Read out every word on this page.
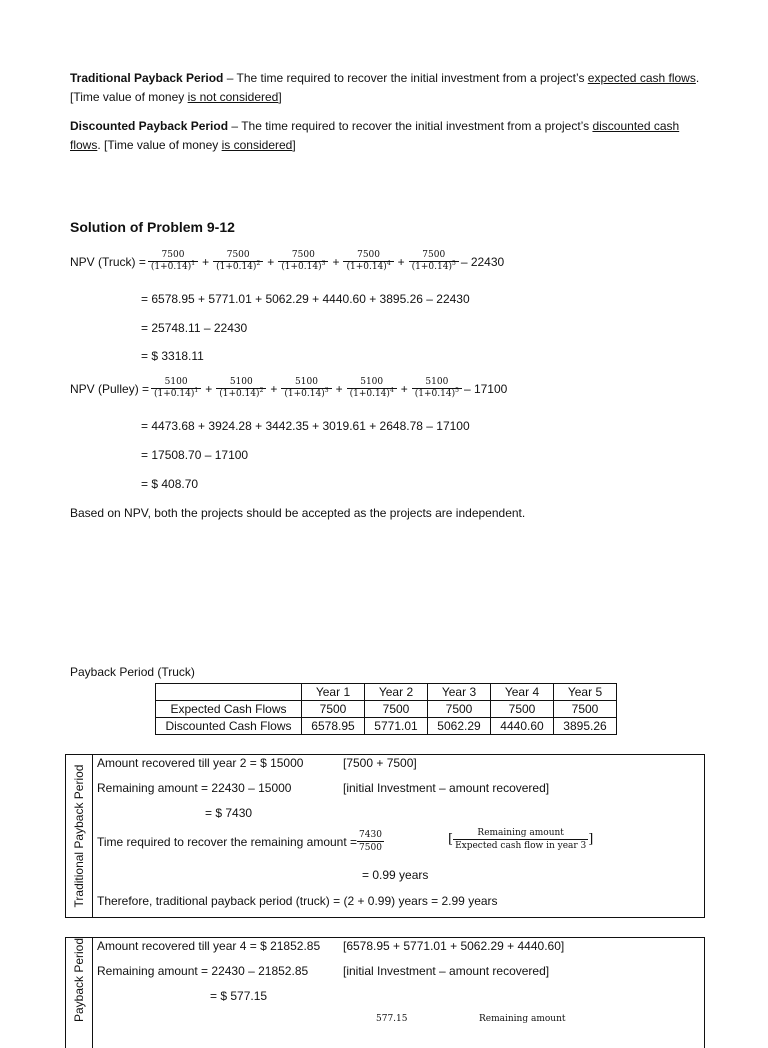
Traditional Payback Period – The time required to recover the initial investment from a project’s expected cash flows. [Time value of money is not considered]
Discounted Payback Period – The time required to recover the initial investment from a project’s discounted cash flows. [Time value of money is considered]
Solution of Problem 9-12
NPV (Truck) = $\frac{7500}{(1+0.14)^1} + \frac{7500}{(1+0.14)^2} + \frac{7500}{(1+0.14)^3} + \frac{7500}{(1+0.14)^4} + \frac{7500}{(1+0.14)^5} - 22430$
= 6578.95 + 5771.01 + 5062.29 + 4440.60 + 3895.26 – 22430
= 25748.11 – 22430
= $ 3318.11
NPV (Pulley) = $\frac{5100}{(1+0.14)^1} + \frac{5100}{(1+0.14)^2} + \frac{5100}{(1+0.14)^3} + \frac{5100}{(1+0.14)^4} + \frac{5100}{(1+0.14)^5} - 17100$
= 4473.68 + 3924.28 + 3442.35 + 3019.61 + 2648.78 – 17100
= 17508.70 – 17100
= $ 408.70
Based on NPV, both the projects should be accepted as the projects are independent.
Payback Period (Truck)
	Year 1	Year 2	Year 3	Year 4	Year 5
Expected Cash Flows	7500	7500	7500	7500	7500
Discounted Cash Flows	6578.95	5771.01	5062.29	4440.60	3895.26
Traditional Payback Period
Amount recovered till year 2 = $ 15000	[7500 + 7500]
Remaining amount = 22430 – 15000	[initial Investment – amount recovered]
= $ 7430
Time required to recover the remaining amount = $\frac{7430}{7500}$	[	Remaining amount
Expected cash flow in year 3 ]
= 0.99 years
Therefore, traditional payback period (truck) = (2 + 0.99) years = 2.99 years
Payback Period Amount recovered till year 4 = $ 21852.85 [6578.95 + 5771.01 + 5062.29 + 4440.60]
Remaining amount = 22430 – 21852.85	[initial Investment – amount recovered]
= $ 577.15
577.15	Remaining amount
